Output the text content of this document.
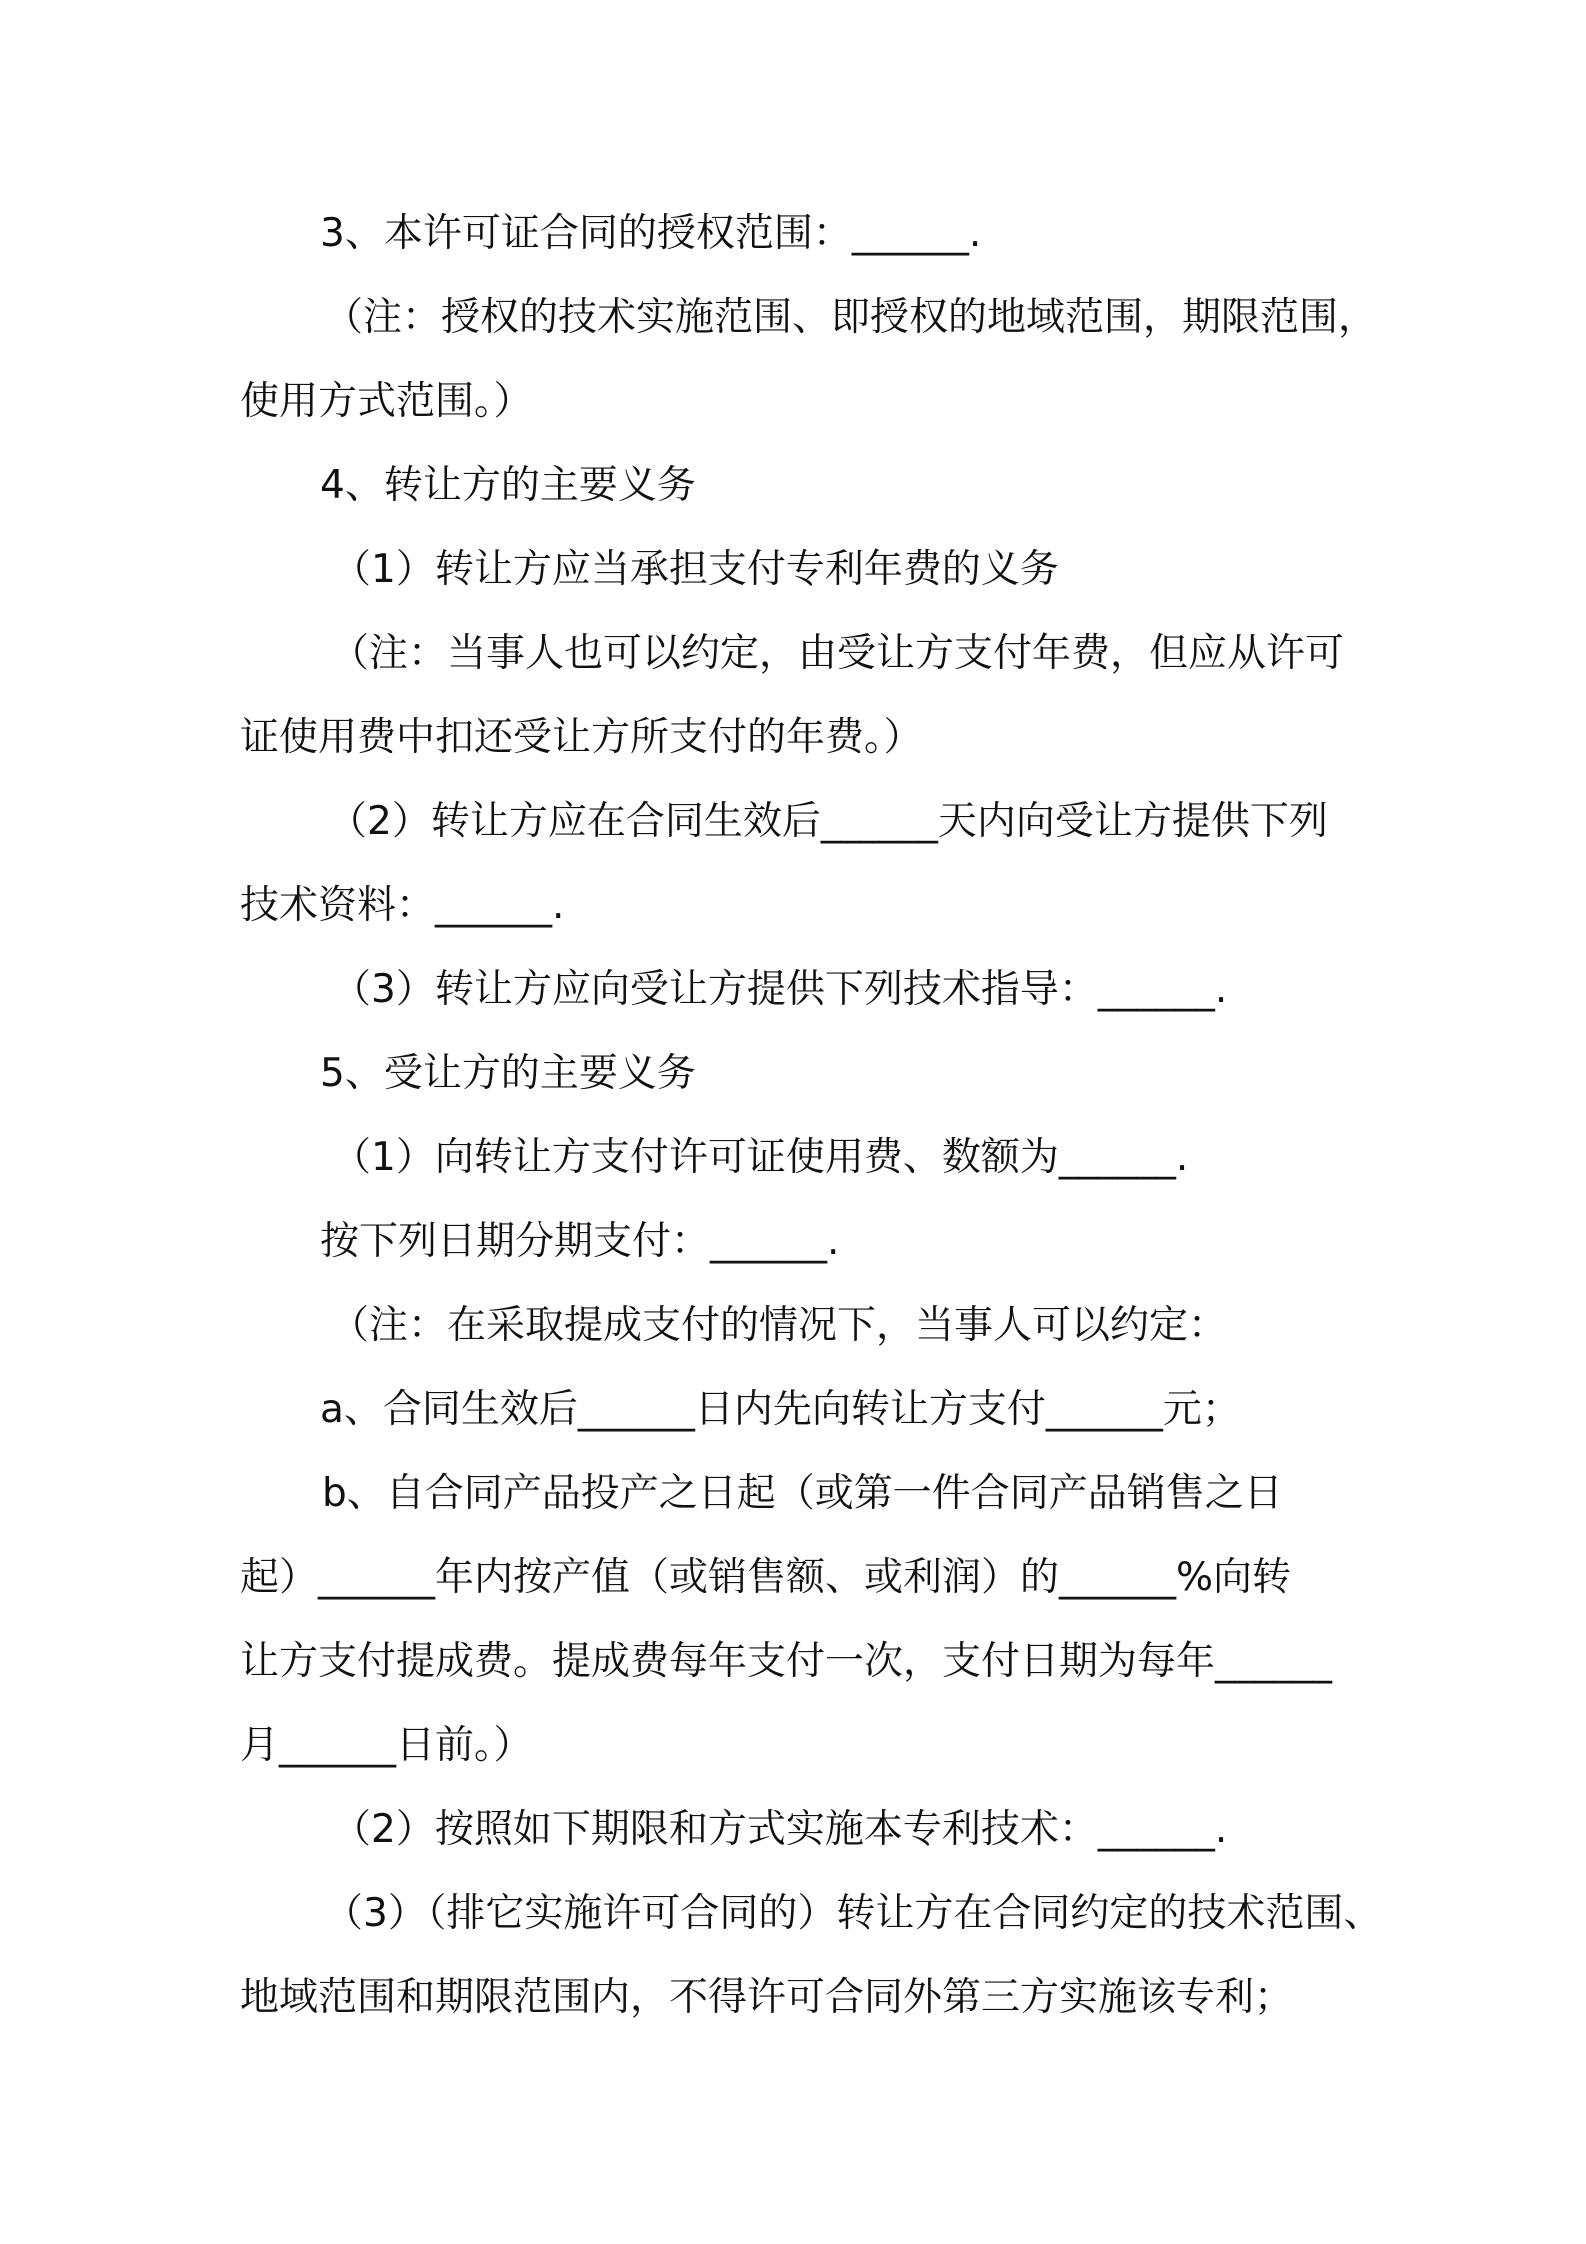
3、本许可证合同的授权范围：______.
（注：授权的技术实施范围、即授权的地域范围，期限范围，
使用方式范围。）
4、转让方的主要义务
（1）转让方应当承担支付专利年费的义务
（注：当事人也可以约定，由受让方支付年费，但应从许可
证使用费中扣还受让方所支付的年费。）
（2）转让方应在合同生效后______天内向受让方提供下列
技术资料：______.
（3）转让方应向受让方提供下列技术指导：______.
5、受让方的主要义务
（1）向转让方支付许可证使用费、数额为______.
按下列日期分期支付：______.
（注：在采取提成支付的情况下，当事人可以约定：
a、合同生效后______日内先向转让方支付______元；
b、自合同产品投产之日起（或第一件合同产品销售之日
起）______年内按产值（或销售额、或利润）的______%向转
让方支付提成费。提成费每年支付一次，支付日期为每年______
月______日前。）
（2）按照如下期限和方式实施本专利技术：______.
（3）（排它实施许可合同的）转让方在合同约定的技术范围、
地域范围和期限范围内，不得许可合同外第三方实施该专利；
